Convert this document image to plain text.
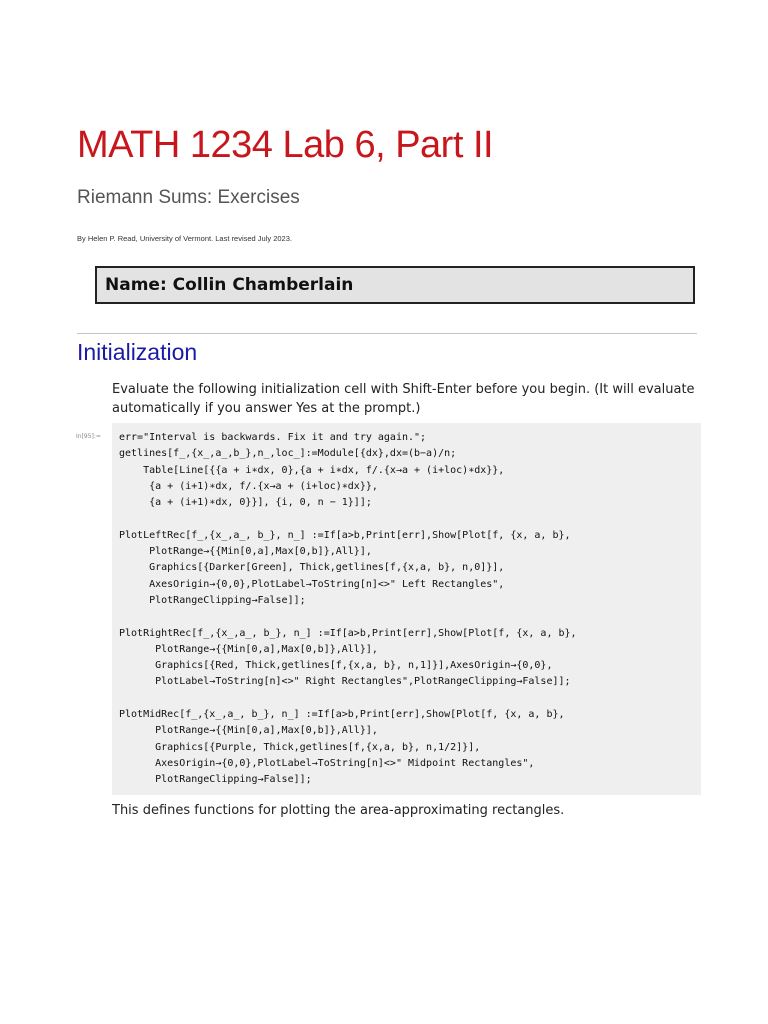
MATH 1234 Lab 6, Part II
Riemann Sums: Exercises
By Helen P. Read, University of Vermont. Last revised July 2023.
Name: Collin Chamberlain
Initialization

Evaluate the following initialization cell with Shift-Enter before you begin. (It will evaluate automatically if you answer Yes at the prompt.)

In[95]:= err="Interval is backwards. Fix it and try again.";
getlines[f_,{x_,a_,b_},n_,loc_]:=Module[{dx},dx=(b−a)/n;
Table[Line[{{a + i∗dx, 0},{a + i∗dx, f/.{x→a + (i+loc)∗dx}},
{a + (i+1)∗dx, f/.{x→a + (i+loc)∗dx}},
{a + (i+1)∗dx, 0}}], {i, 0, n − 1}]];

PlotLeftRec[f_,{x_,a_, b_}, n_] :=If[a>b,Print[err],Show[Plot[f, {x, a, b},
PlotRange→{{Min[0,a],Max[0,b]},All}],
Graphics[{Darker[Green], Thick,getlines[f,{x,a, b}, n,0]}],
AxesOrigin→{0,0},PlotLabel→ToString[n]<>" Left Rectangles",
PlotRangeClipping→False]];

PlotRightRec[f_,{x_,a_, b_}, n_] :=If[a>b,Print[err],Show[Plot[f, {x, a, b},
PlotRange→{{Min[0,a],Max[0,b]},All}],
Graphics[{Red, Thick,getlines[f,{x,a, b}, n,1]}],AxesOrigin→{0,0},
PlotLabel→ToString[n]<>" Right Rectangles",PlotRangeClipping→False]];

PlotMidRec[f_,{x_,a_, b_}, n_] :=If[a>b,Print[err],Show[Plot[f, {x, a, b},
PlotRange→{{Min[0,a],Max[0,b]},All}],
Graphics[{Purple, Thick,getlines[f,{x,a, b}, n,1/2]}],
AxesOrigin→{0,0},PlotLabel→ToString[n]<>" Midpoint Rectangles",
PlotRangeClipping→False]];

This defines functions for plotting the area-approximating rectangles.
